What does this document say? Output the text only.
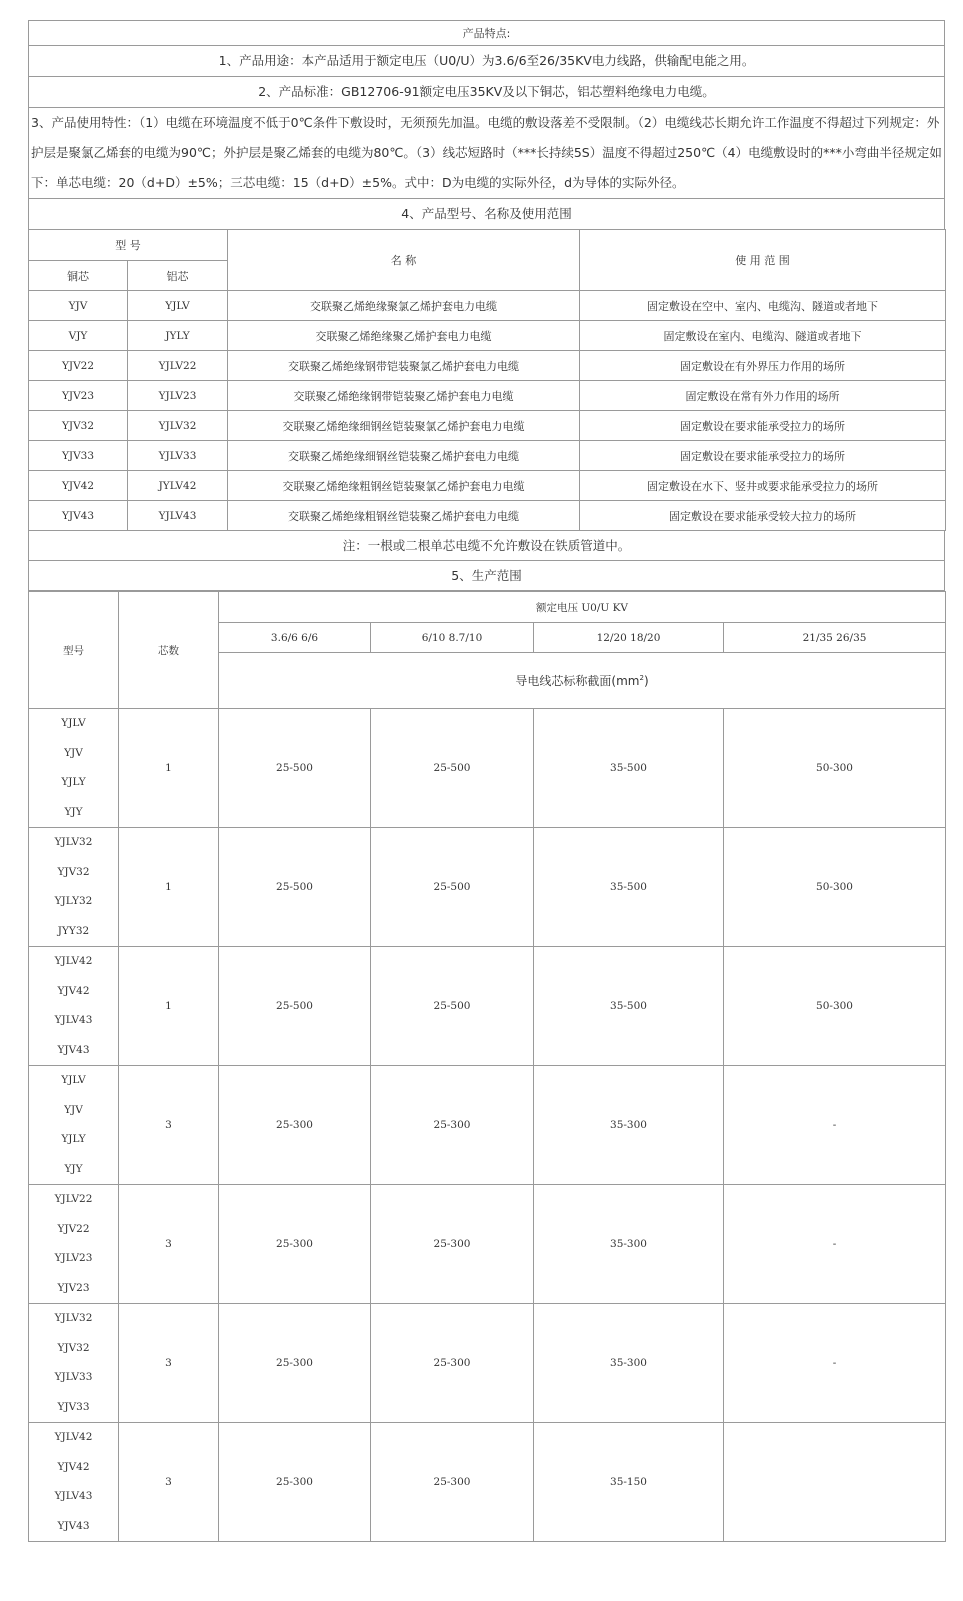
产品特点:
1、产品用途：本产品适用于额定电压（U0/U）为3.6/6至26/35KV电力线路，供输配电能之用。
2、产品标准：GB12706-91额定电压35KV及以下铜芯，铝芯塑料绝缘电力电缆。
3、产品使用特性：（1）电缆在环境温度不低于0℃条件下敷设时，无须预先加温。电缆的敷设落差不受限制。（2）电缆线芯长期允许工作温度不得超过下列规定：外护层是聚氯乙烯套的电缆为90℃；外护层是聚乙烯套的电缆为80℃。（3）线芯短路时（***长持续5S）温度不得超过250℃（4）电缆敷设时的***小弯曲半径规定如下：单芯电缆：20（d+D）±5%；三芯电缆：15（d+D）±5%。式中：D为电缆的实际外径，d为导体的实际外径。
4、产品型号、名称及使用范围
型 号		名 称	使 用 范 围
铜芯	铝芯		
YJV	YJLV	交联聚乙烯绝缘聚氯乙烯护套电力电缆	固定敷设在空中、室内、电缆沟、隧道或者地下
VJY	JYLY	交联聚乙烯绝缘聚乙烯护套电力电缆	固定敷设在室内、电缆沟、隧道或者地下
YJV22	YJLV22	交联聚乙烯绝缘钢带铠装聚氯乙烯护套电力电缆	固定敷设在有外界压力作用的场所
YJV23	YJLV23	交联聚乙烯绝缘钢带铠装聚乙烯护套电力电缆	固定敷设在常有外力作用的场所
YJV32	YJLV32	交联聚乙烯绝缘细钢丝铠装聚氯乙烯护套电力电缆	固定敷设在要求能承受拉力的场所
YJV33	YJLV33	交联聚乙烯绝缘细钢丝铠装聚乙烯护套电力电缆	固定敷设在要求能承受拉力的场所
YJV42	JYLV42	交联聚乙烯绝缘粗钢丝铠装聚氯乙烯护套电力电缆	固定敷设在水下、竖井或要求能承受拉力的场所
YJV43	YJLV43	交联聚乙烯绝缘粗钢丝铠装聚乙烯护套电力电缆	固定敷设在要求能承受较大拉力的场所
注：一根或二根单芯电缆不允许敷设在铁质管道中。
5、生产范围
型号	芯数	额定电压 U0/U KV			
		3.6/6 6/6	6/10 8.7/10	12/20 18/20	21/35 26/35
		导电线芯标称截面$(mm^2)$			

YJLV
YJV
YJLY
YJY	1	25-500	25-500	35-500	50-300

YJLV32
YJV32
YJLY32
JYY32	1	25-500	25-500	35-500	50-300

YJLV42
YJV42
YJLV43
YJV43	1	25-500	25-500	35-500	50-300

YJLV
YJV
YJLY
YJY	3	25-300	25-300	35-300	-

YJLV22
YJV22
YJLV23
YJV23	3	25-300	25-300	35-300	-

YJLV32
YJV32
YJLV33
YJV33	3	25-300	25-300	35-300	-

YJLV42
YJV42
YJLV43
YJV43	3	25-300	25-300	35-150	
